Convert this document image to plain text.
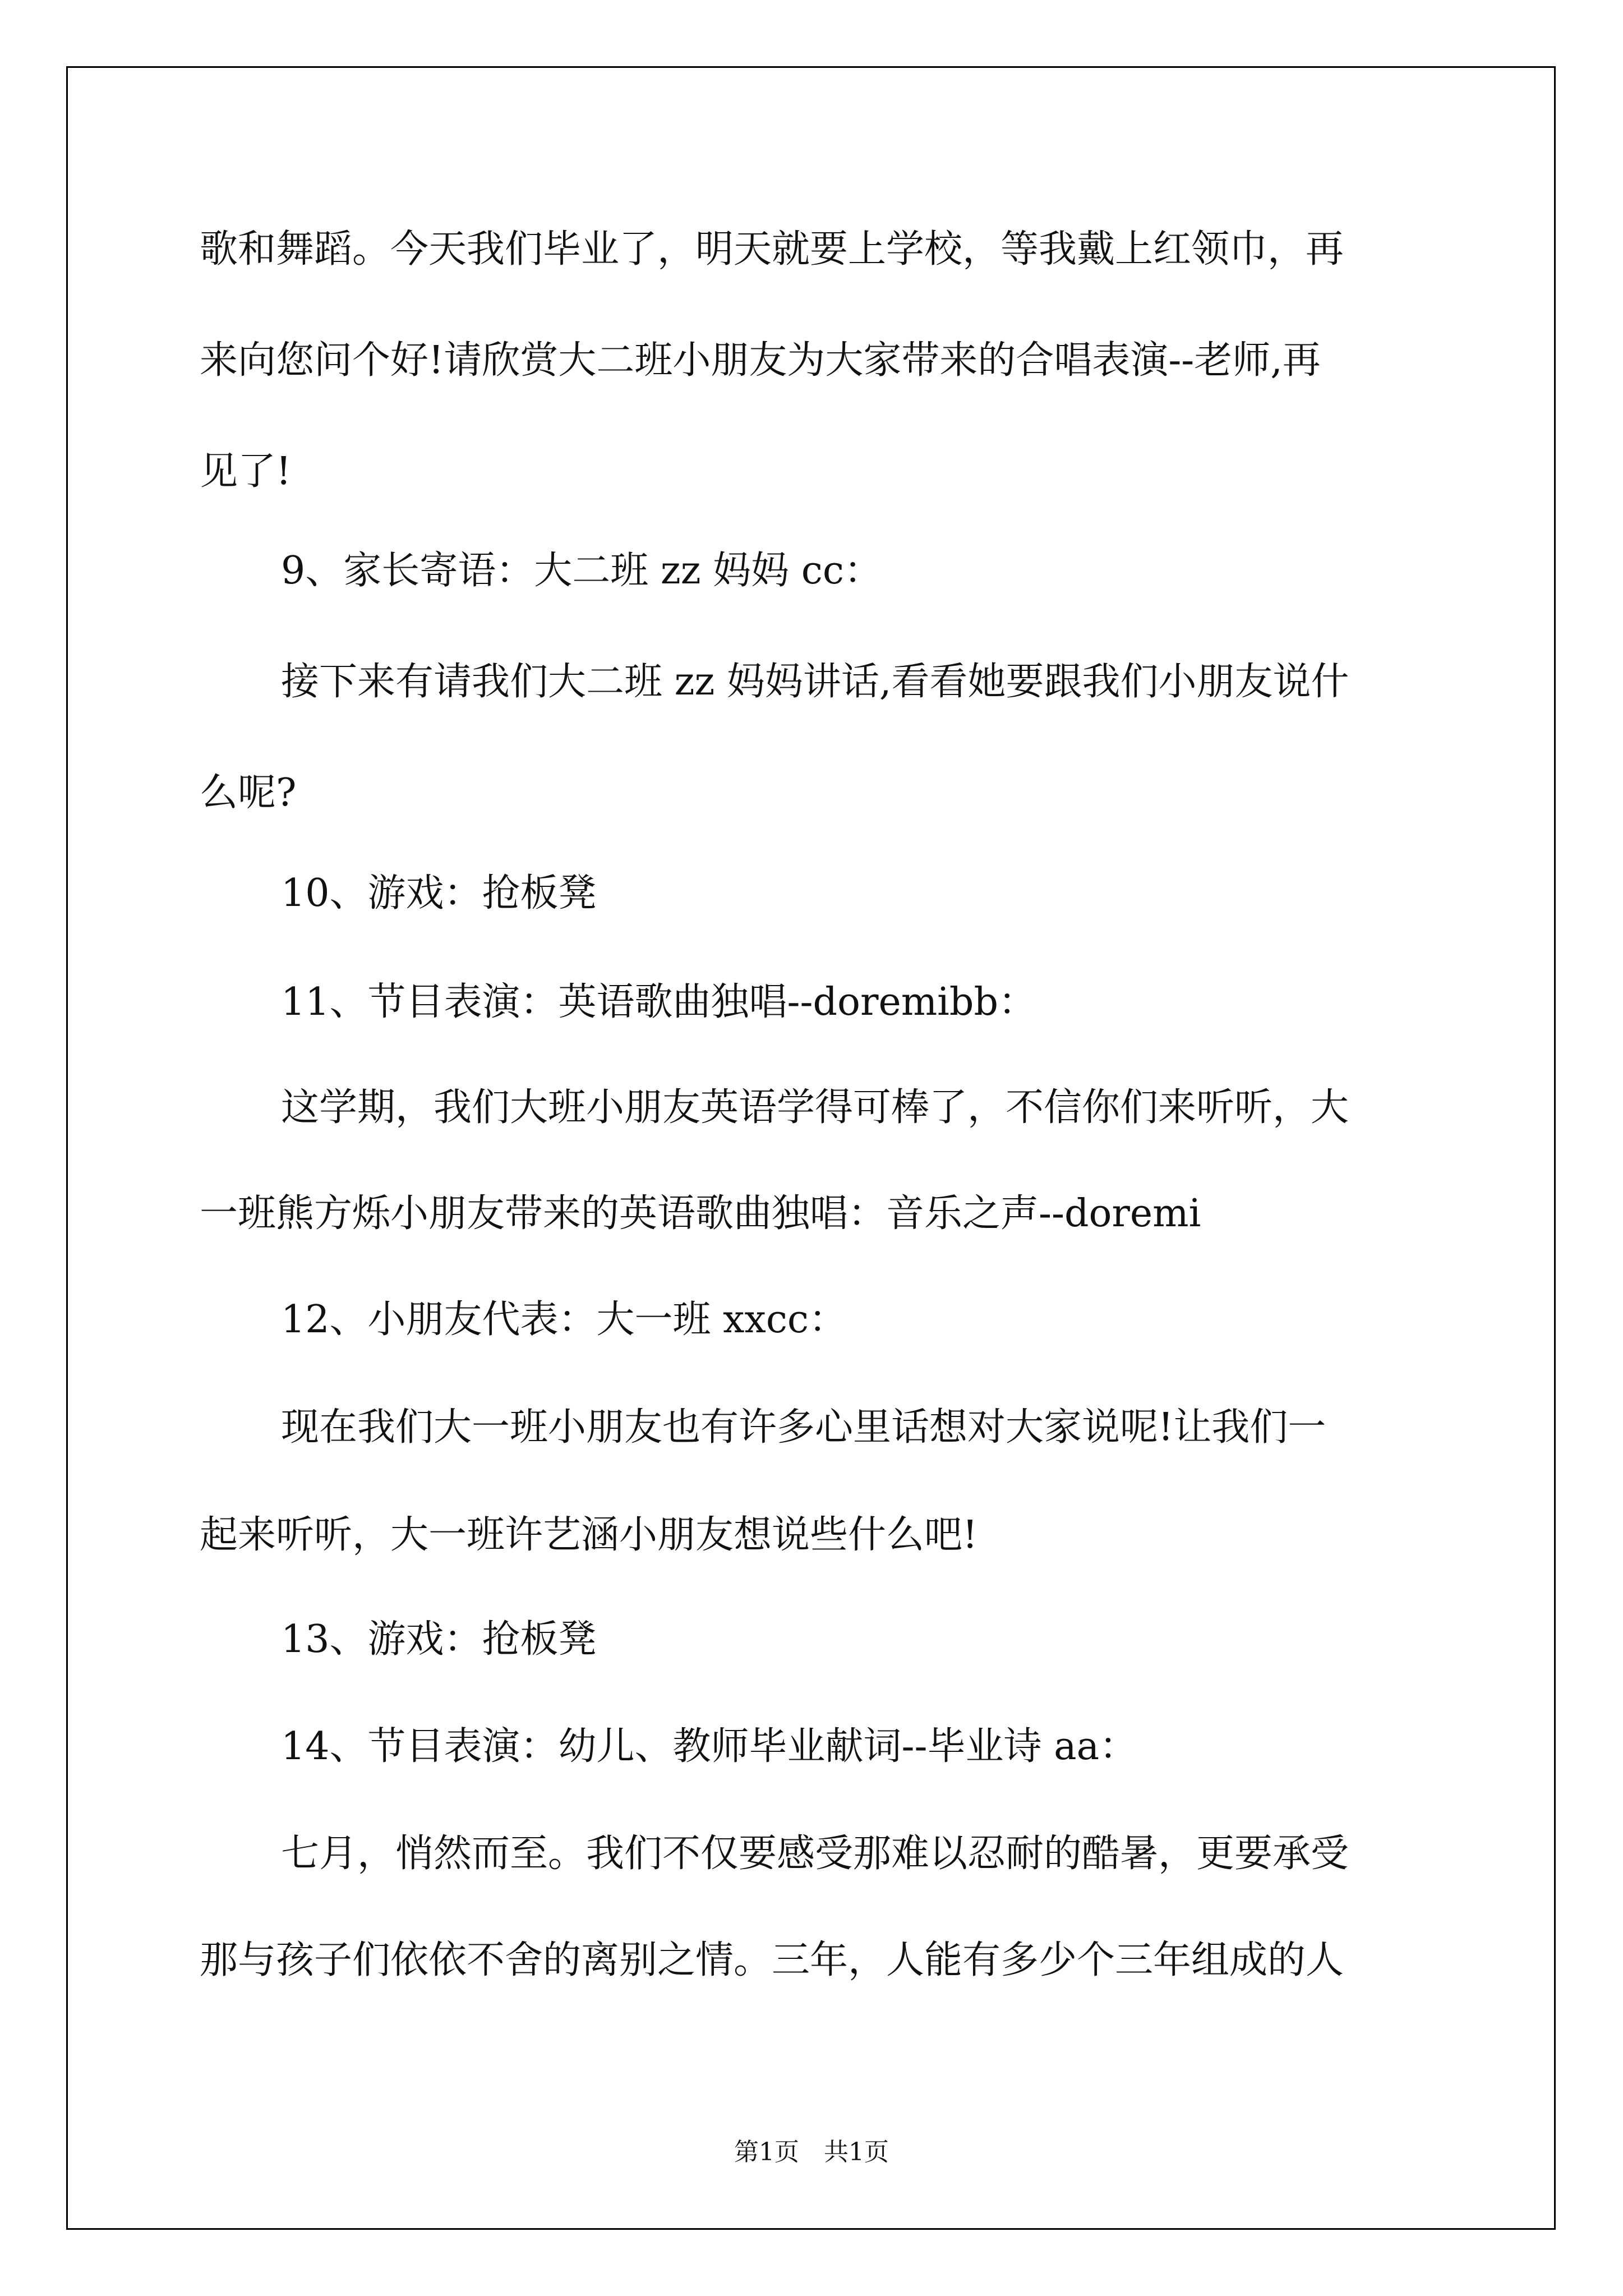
歌和舞蹈。今天我们毕业了，明天就要上学校，等我戴上红领巾，再
来向您问个好!请欣赏大二班小朋友为大家带来的合唱表演--老师,再
见了!
9、家长寄语：大二班 zz 妈妈 cc：
接下来有请我们大二班 zz 妈妈讲话,看看她要跟我们小朋友说什
么呢?
10、游戏：抢板凳
11、节目表演：英语歌曲独唱--doremibb：
这学期，我们大班小朋友英语学得可棒了，不信你们来听听，大
一班熊方烁小朋友带来的英语歌曲独唱：音乐之声--doremi
12、小朋友代表：大一班 xxcc：
现在我们大一班小朋友也有许多心里话想对大家说呢!让我们一
起来听听，大一班许艺涵小朋友想说些什么吧!
13、游戏：抢板凳
14、节目表演：幼儿、教师毕业献词--毕业诗 aa：
七月，悄然而至。我们不仅要感受那难以忍耐的酷暑，更要承受
那与孩子们依依不舍的离别之情。三年，人能有多少个三年组成的人
第1页　共1页
